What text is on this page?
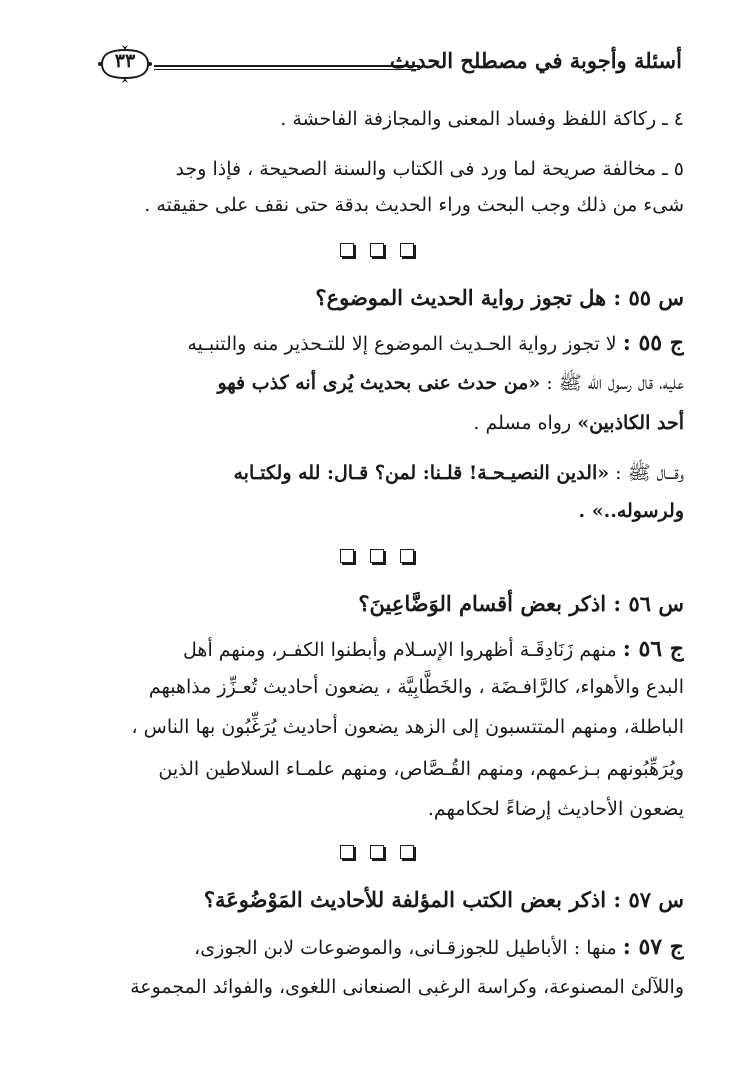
أسئلة وأجوبة في مصطلح الحديث
٣٣
٤ ـ ركاكة اللفظ وفساد المعنى والمجازفة الفاحشة .
٥ ـ مخالفة صريحة لما ورد فى الكتاب والسنة الصحيحة ، فإذا وجد
شىء من ذلك وجب البحث وراء الحديث بدقة حتى نقف على حقيقته .
س ٥٥ : هل تجوز رواية الحديث الموضوع؟
ج ٥٥ : لا تجوز رواية الحـديث الموضوع إلا للتـحذير منه والتنبـيه
عليه، قال رسول الله ﷺ : «من حدث عنى بحديث يُرى أنه كذب فهو
أحد الكاذبين» رواه مسلم .
وقـــال ﷺ : «الدين النصيـحـة! قلـنا: لمن؟ قـال: لله ولكتـابه
ولرسوله..» .
س ٥٦ : اذكر بعض أقسام الوَضَّاعِينَ؟
ج ٥٦ : منهم زَنَادِقَـة أظهروا الإسـلام وأبطنوا الكفـر، ومنهم أهل
البدع والأهواء، كالرَّافـضَة ، والخَطَّابِيَّة ، يضعون أحاديث تُعـزِّز مذاهبهم
الباطلة، ومنهم المتتسبون إلى الزهد يضعون أحاديث يُرَغِّبُون بها الناس ،
ويُرَهِّبُونهم بـزعمهم، ومنهم القُـصَّاص، ومنهم علمـاء السلاطين الذين
يضعون الأحاديث إرضاءً لحكامهم.
س ٥٧ : اذكر بعض الكتب المؤلفة للأحاديث المَوْضُوعَة؟
ج ٥٧ : منها : الأباطيل للجوزقـانى، والموضوعات لابن الجوزى،
واللآلئ المصنوعة، وكراسة الرغبى الصنعانى اللغوى، والفوائد المجموعة
